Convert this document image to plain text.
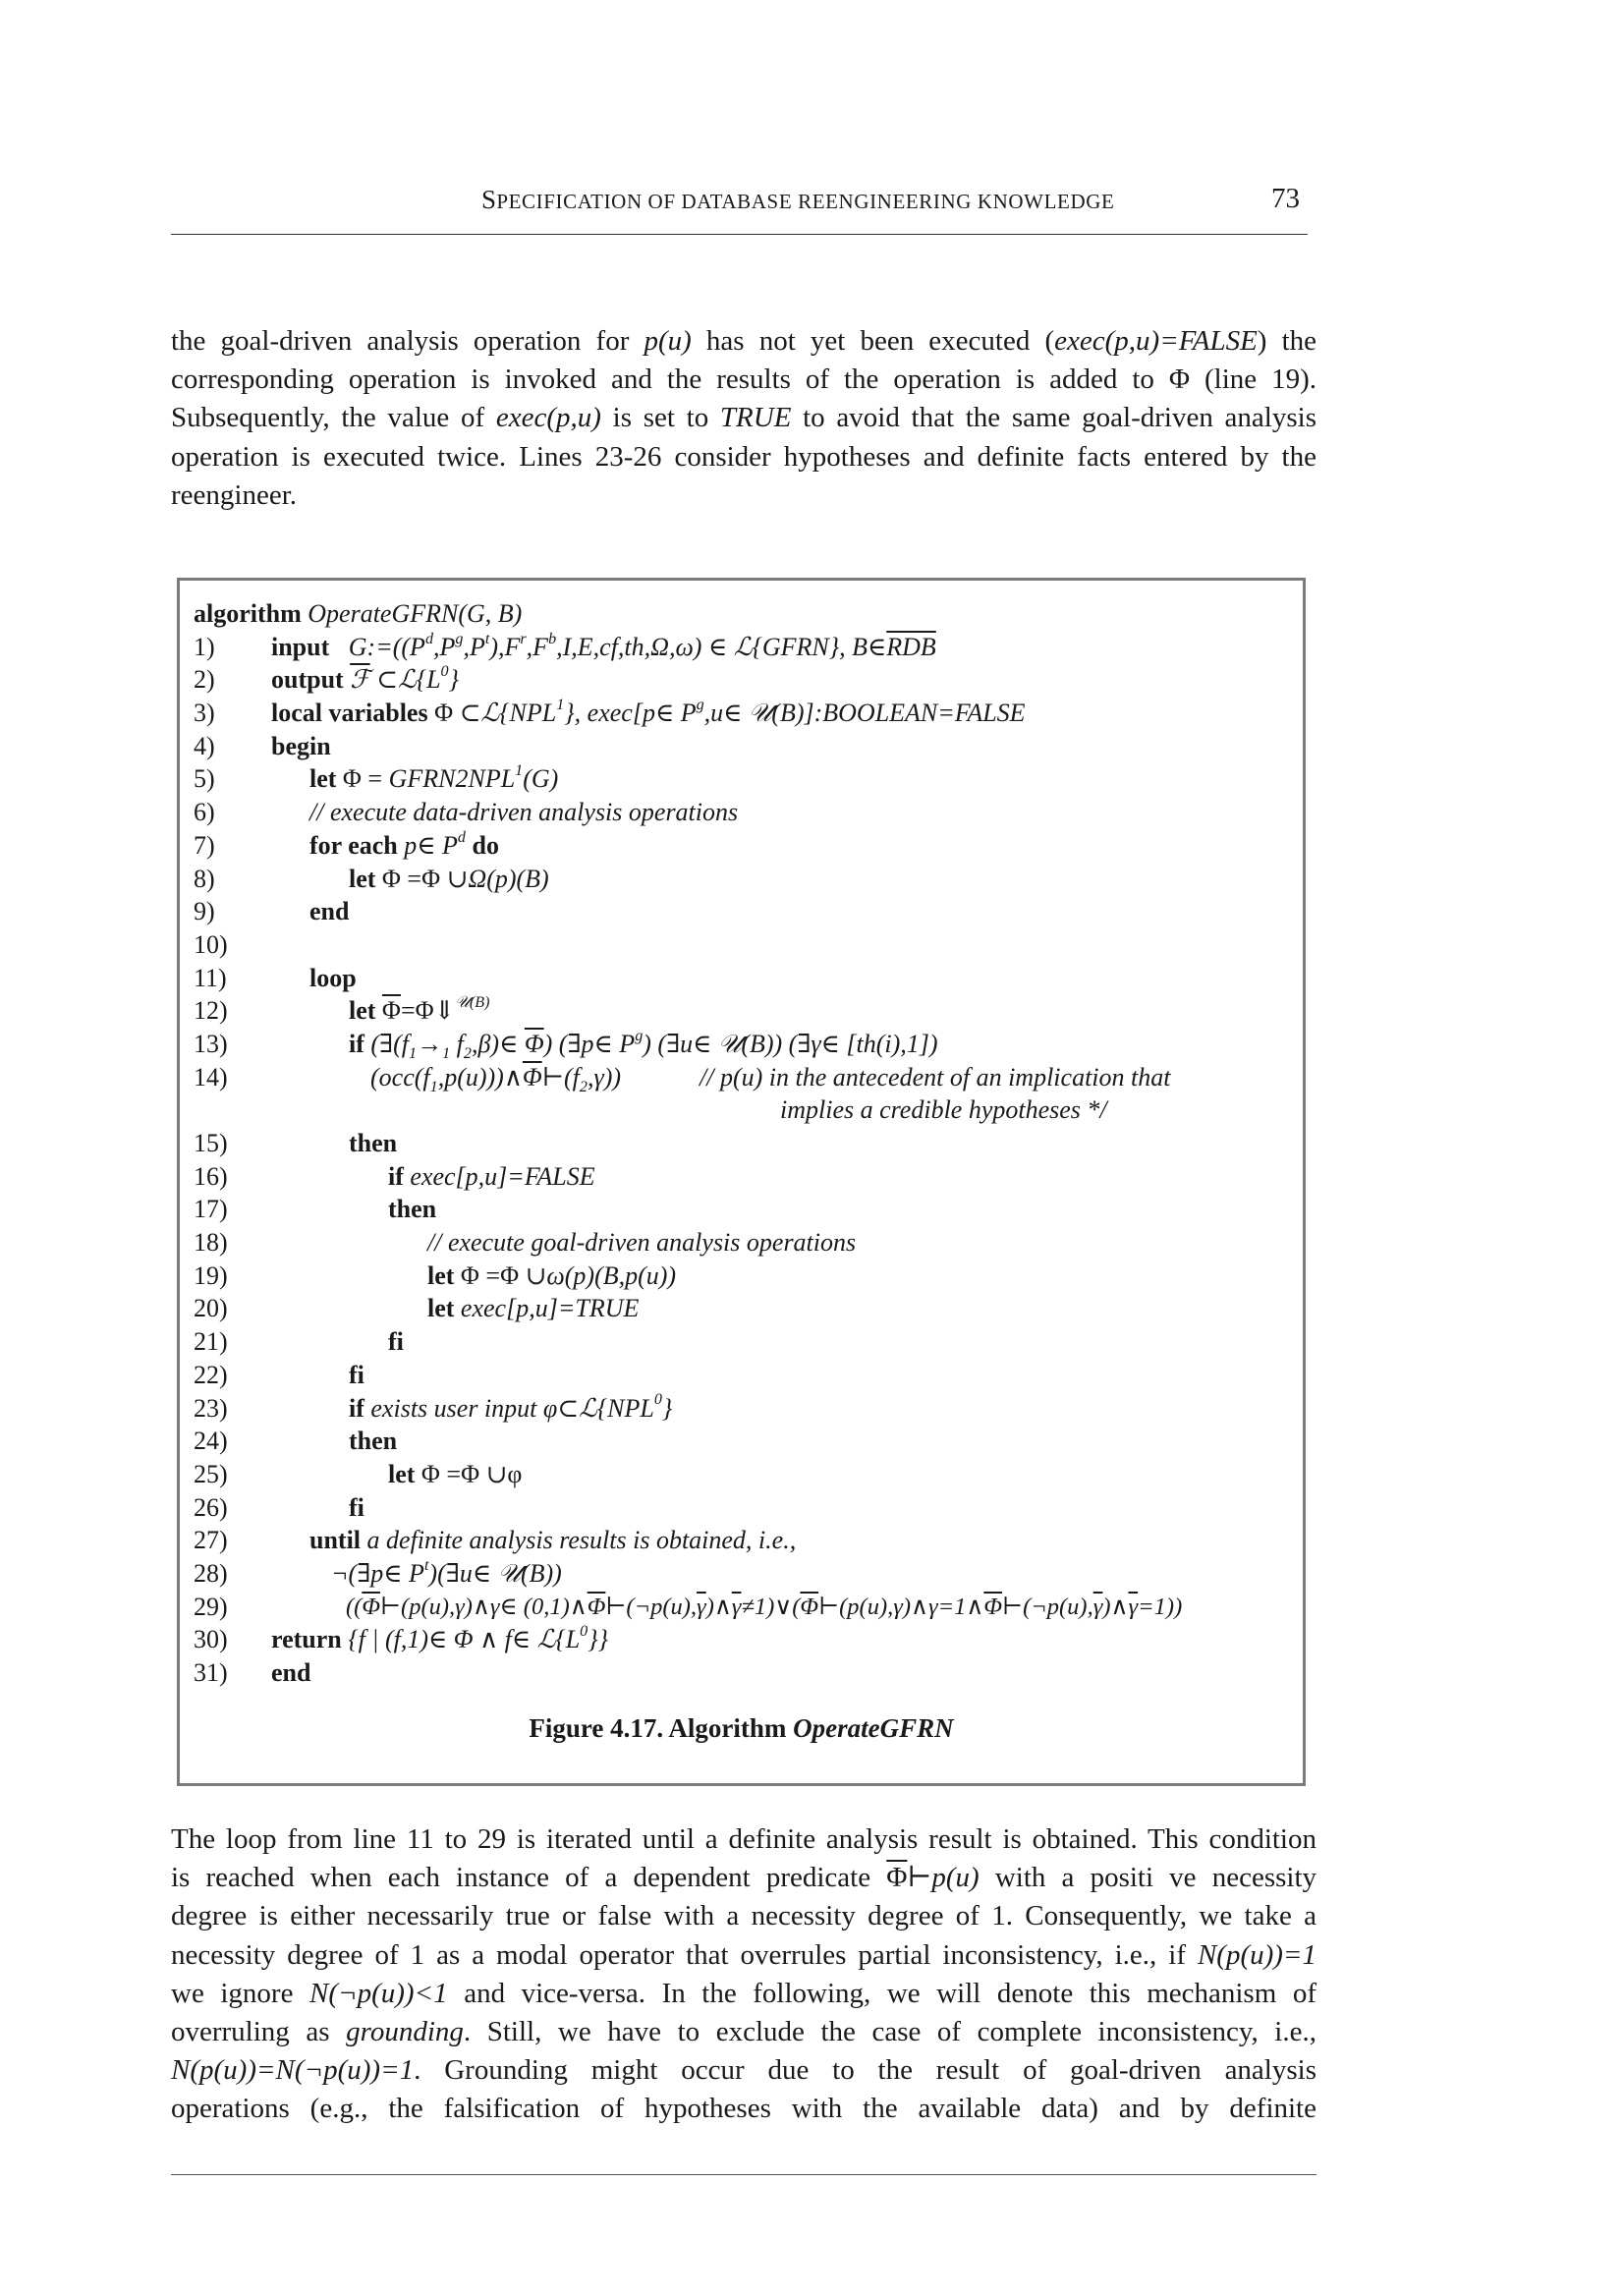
SPECIFICATION OF DATABASE REENGINEERING KNOWLEDGE	73
the goal-driven analysis operation for p(u) has not yet been executed (exec(p,u)=FALSE) the
corresponding operation is invoked and the results of the operation is added to Φ (line 19).
Subsequently, the value of exec(p,u) is set to TRUE to avoid that the same goal-driven analysis
operation is executed twice. Lines 23-26 consider hypotheses and definite facts entered by the
reengineer.
algorithm OperateGFRN(G, B)
1) input $G:=((P^d,P^g,P^t),F^r,F^b,I,E,cf,th,\Omega,\omega)$ ∈ ℒ{GFRN}, $B\in\overline{RDB}$
2) output ℱ $\subset ℒ\{L^0\}$
3) local variables Φ ⊂ℒ{NPL$^1$}, exec[p∈ $P^g,u\in$ 𝒰(B)]:BOOLEAN=FALSE
4) begin
5)	let $\Phi = GFRN2NPL^1(G)$
6)	// execute data-driven analysis operations
7)	for each p∈ $P^d$ do
8)	let Φ =Φ ∪Ω(p)(B)
9)	end
10)
11)	loop
12)	let $\overline{\Phi}=\Phi⇓^{𝒰(B)}$
13)	if ($\exists(f_1\to_1$ $f_2,\beta)\in$ $\overline{\Phi}$) (∃p∈ $P^g$) (∃u∈ 𝒰(B)) (∃γ∈ [th(i),1])
14)	$(occ(f_1,p(u)))\wedge\overline{\Phi}⊢(f_2,\gamma)$)	// p(u) in the antecedent of an implication that
implies a credible hypotheses */
15)	then
16)	if exec[p,u]=FALSE
17)	then
18)	// execute goal-driven analysis operations
19)	let Φ =Φ ∪ω(p)(B,p(u))
20)	let exec[p,u]=TRUE
21)	fi
22)	fi
23)	if exists user input φ⊂ℒ{NPL$^0$}
24)	then
25)	let Φ =Φ ∪φ
26)	fi
27)	until a definite analysis results is obtained, i.e.,
28)	¬(∃p∈ $P^t)(\exists u\in$ 𝒰(B))
29)	(($\overline{\Phi}⊢(p(u),\gamma)\wedge\gamma\in$ $(0,1)\wedge\overline{\Phi}⊢(\neg p(u),\overline{\gamma})\wedge\overline{\gamma}\ne 1)\vee(\overline{\Phi}⊢(p(u),\gamma)\wedge\gamma=1\wedge\overline{\Phi}⊢(\neg p(u),\overline{\gamma})\wedge\overline{\gamma}=1)$)
30) return {f | (f,1)∈ Φ ∧ f∈ $ℒ\{L^0\}$}
31) end
Figure 4.17. Algorithm OperateGFRN
The loop from line 11 to 29 is iterated until a definite analysis result is obtained. This condition
is reached when each instance of a dependent predicate $\overline{\Phi}⊢p(u)$ with a positi ve necessity
degree is either necessarily true or false with a necessity degree of 1. Consequently, we take a
necessity degree of 1 as a modal operator that overrules partial inconsistency, i.e., if N(p(u))=1
we ignore N(¬p(u))<1 and vice-versa. In the following, we will denote this mechanism of
overruling as grounding. Still, we have to exclude the case of complete inconsistency, i.e.,
N(p(u))=N(¬p(u))=1. Grounding might occur due to the result of goal-driven analysis
operations (e.g., the falsification of hypotheses with the available data) and by definite
